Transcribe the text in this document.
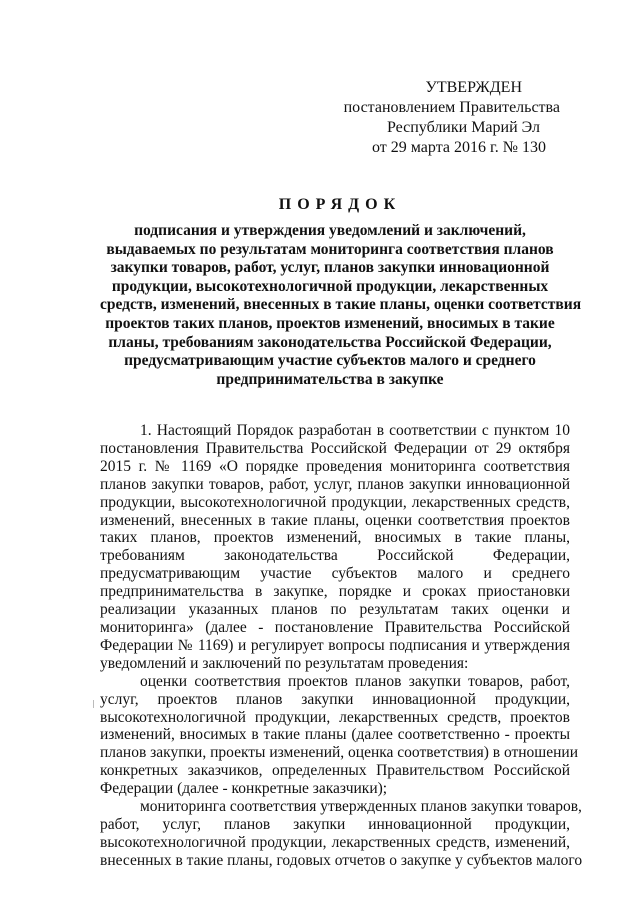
УТВЕРЖДЕН
постановлением Правительства
Республики Марий Эл
от 29 марта 2016 г. № 130
ПОРЯДОК
подписания и утверждения уведомлений и заключений,
выдаваемых по результатам мониторинга соответствия планов
закупки товаров, работ, услуг, планов закупки инновационной
продукции, высокотехнологичной продукции, лекарственных
средств, изменений, внесенных в такие планы, оценки соответствия
проектов таких планов, проектов изменений, вносимых в такие
планы, требованиям законодательства Российской Федерации,
предусматривающим участие субъектов малого и среднего
предпринимательства в закупке
1. Настоящий Порядок разработан в соответствии с пунктом 10
постановления Правительства Российской Федерации от 29 октября
2015 г. № 1169 «О порядке проведения мониторинга соответствия
планов закупки товаров, работ, услуг, планов закупки инновационной
продукции, высокотехнологичной продукции, лекарственных средств,
изменений, внесенных в такие планы, оценки соответствия проектов
таких планов, проектов изменений, вносимых в такие планы,
требованиям законодательства Российской Федерации,
предусматривающим участие субъектов малого и среднего
предпринимательства в закупке, порядке и сроках приостановки
реализации указанных планов по результатам таких оценки и
мониторинга» (далее - постановление Правительства Российской
Федерации № 1169) и регулирует вопросы подписания и утверждения
уведомлений и заключений по результатам проведения:
оценки соответствия проектов планов закупки товаров, работ,
услуг, проектов планов закупки инновационной продукции,
высокотехнологичной продукции, лекарственных средств, проектов
изменений, вносимых в такие планы (далее соответственно - проекты
планов закупки, проекты изменений, оценка соответствия) в отношении
конкретных заказчиков, определенных Правительством Российской
Федерации (далее - конкретные заказчики);
мониторинга соответствия утвержденных планов закупки товаров,
работ, услуг, планов закупки инновационной продукции,
высокотехнологичной продукции, лекарственных средств, изменений,
внесенных в такие планы, годовых отчетов о закупке у субъектов малого
